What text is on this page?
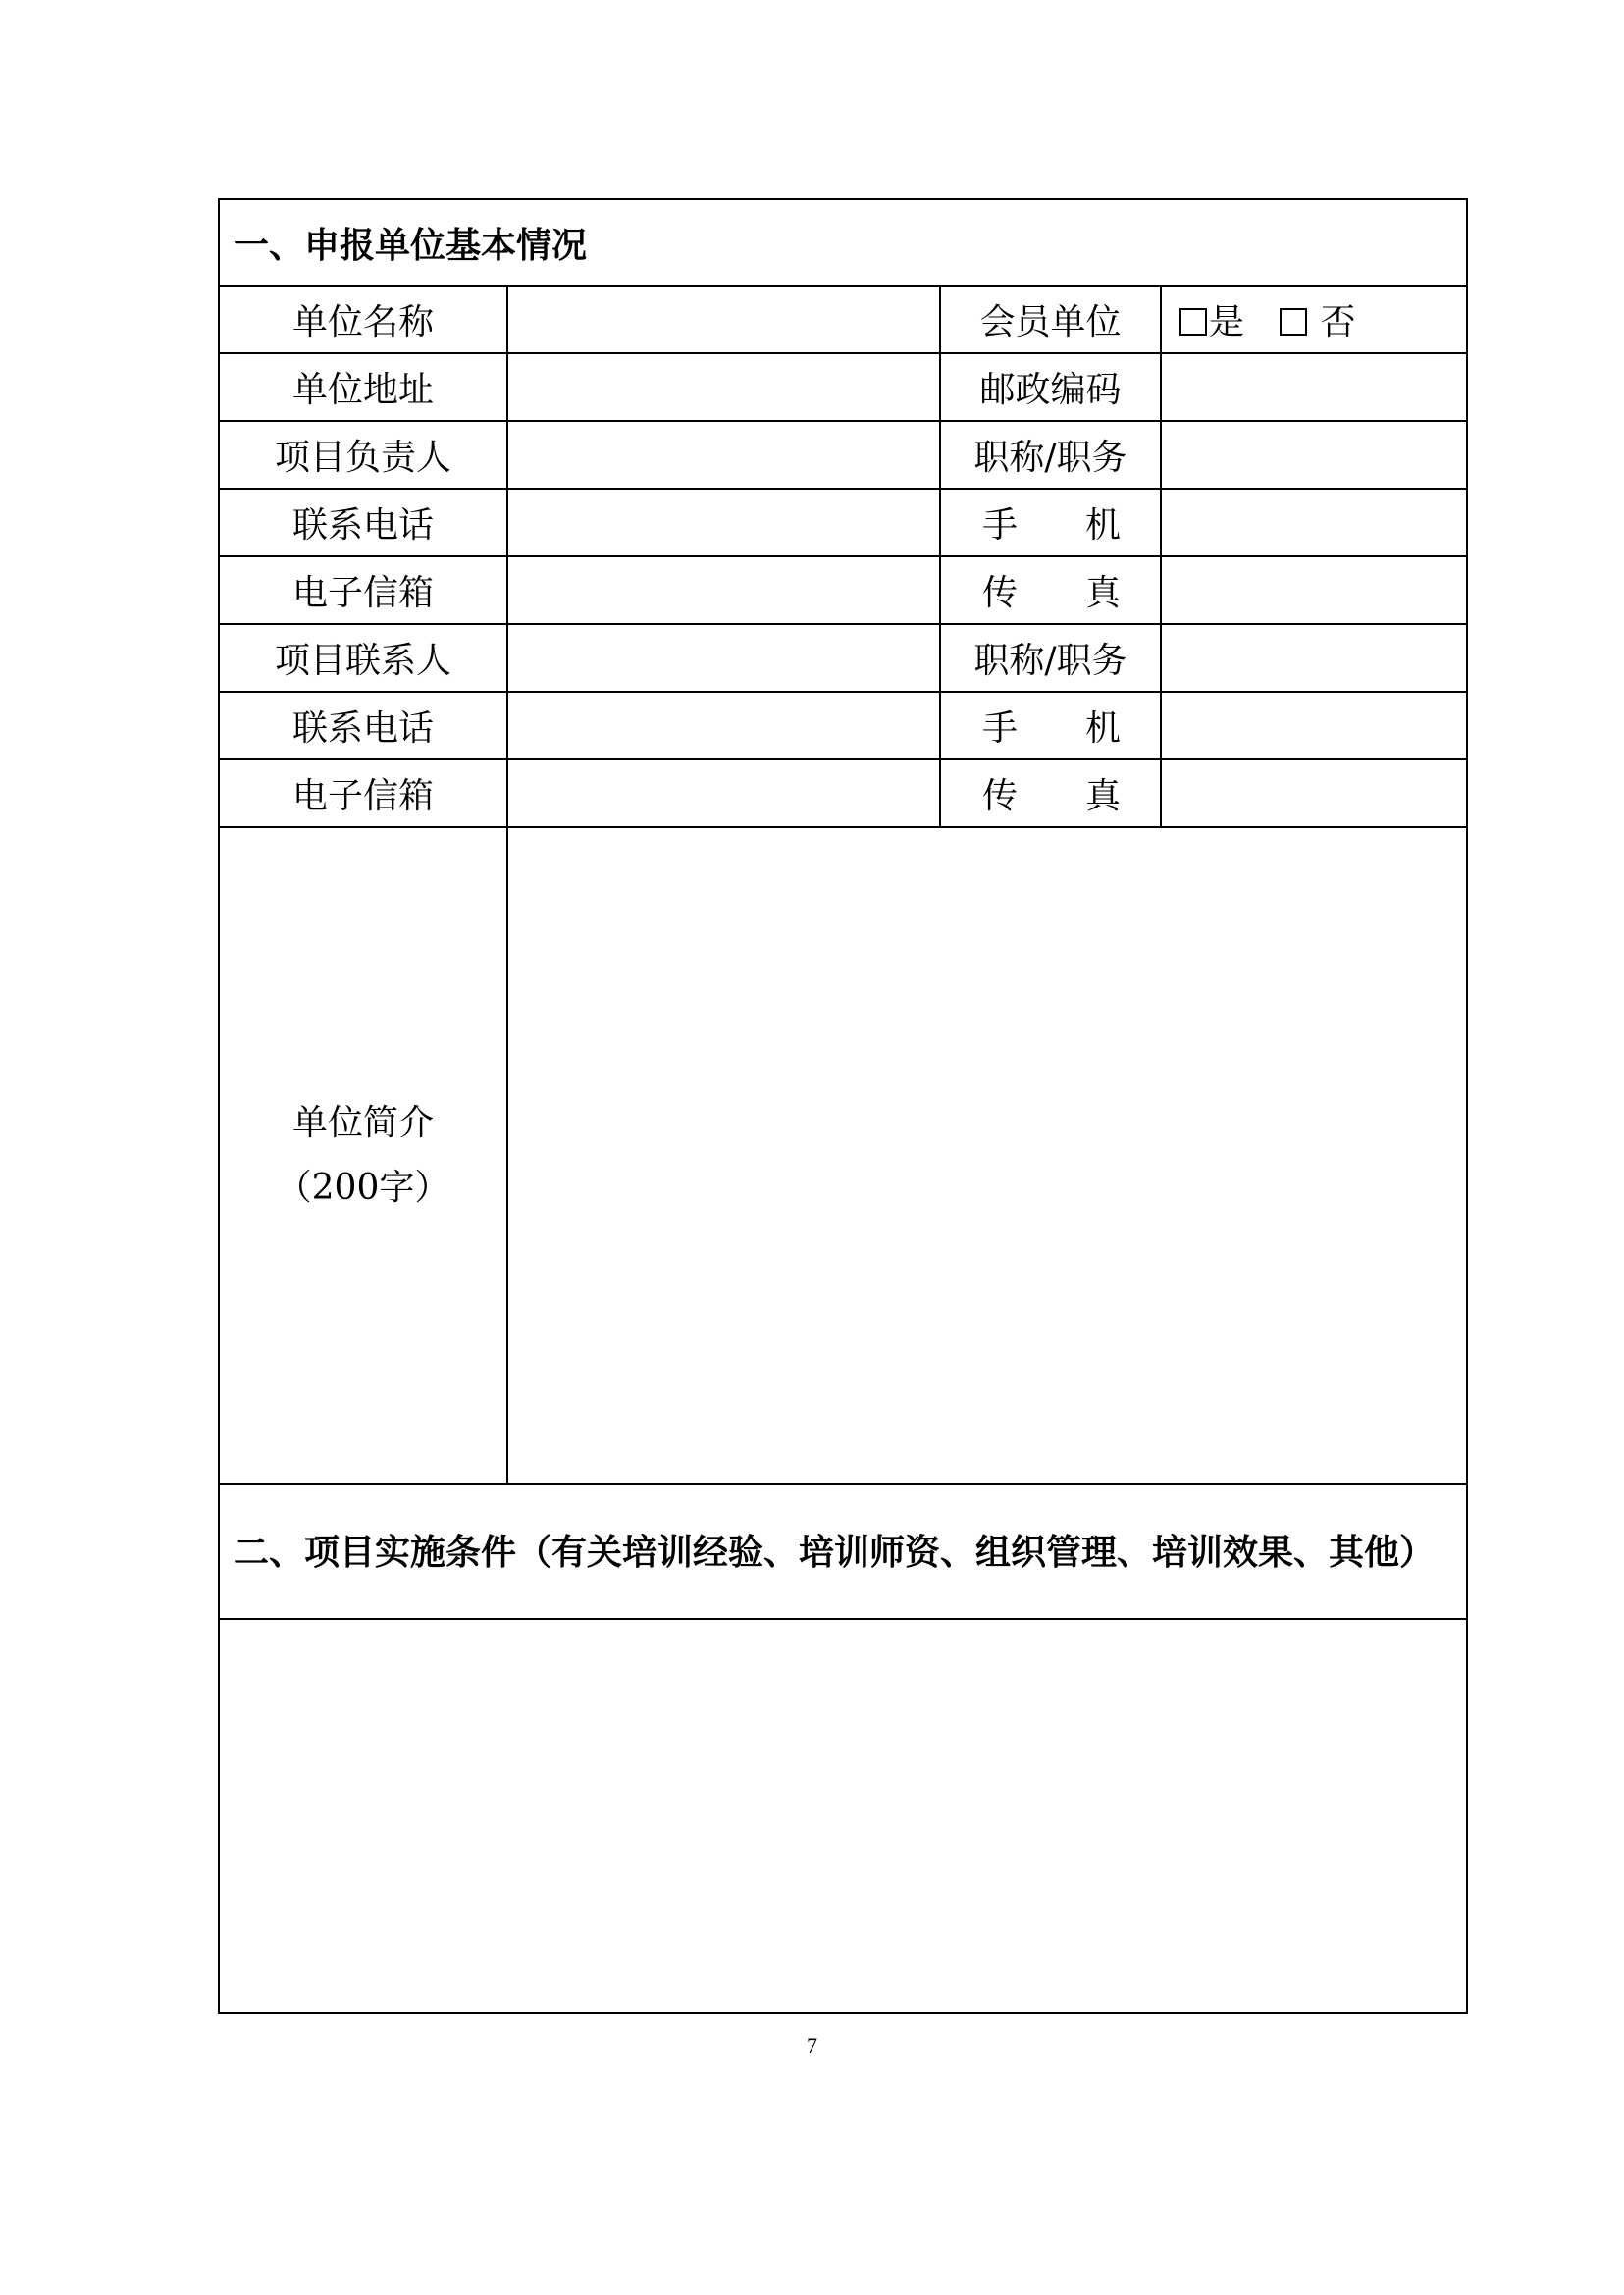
一、申报单位基本情况			
单位名称		会员单位	是 否
单位地址		邮政编码	
项目负责人		职称/职务	
联系电话		手 机	

电子信箱		传 真	

项目联系人		职称/职务	
联系电话		手 机	

电子信箱		传 真	

单位简介
（200字）			

二、项目实施条件（有关培训经验、培训师资、组织管理、培训效果、其他）			

7
